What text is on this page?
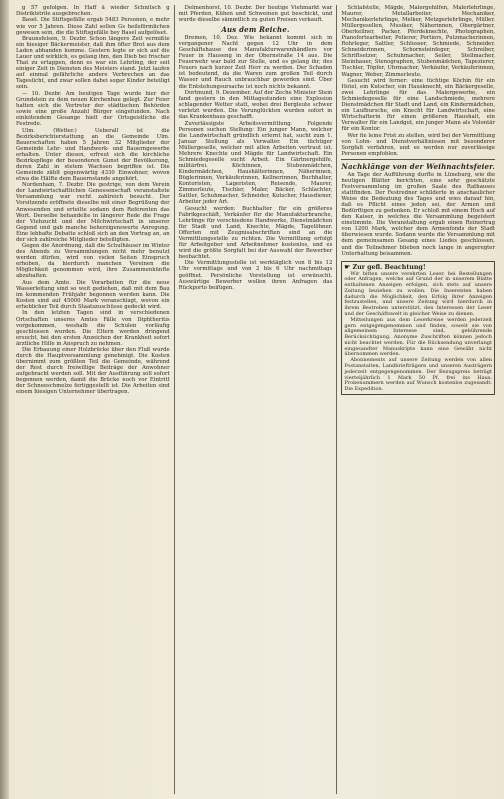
g 57 gefolgen. In Haff ä wieder Schnitsch g Distriktstrile ausgebrochen.

Basel. Die Stiftsgefälle ergab 5483 Personen, e mehr wie vor 5 Jahren. Diese Zahl sollen Gs heilsförmlichen gewesen sein, die die Stiftsgefälle bey Basel aufgelöset.

Braunsfelsen, 9. Dezbr. Schon längere Zeit vermißte ein hiesiger Bäckermeister, daß ihm öfter Brot aus dem Laden abhanden komme. Gestern legte er sich auf die Lauer und wirklich, es gelang ihm, den Dieb bei frischer That zu ertappen, denn es war ein Lehrling, der seit einiger Zeit in Diensten des Meisters stand. Jetzt laufen auf einmal gefährliche andere Verbrechen an das Tageslicht, und zwar sollen dabei sogar Kinder beteiligt sein.

— 10. Dezbr. Am heutigen Tage wurde hier der Grundstein zu dem neuen Kirchenbau gelegt. Zur Feier hatten sich die Vertreter der städtischen Behörden sowie eine große Anzahl Bürger eingefunden. Nach einleitendem Gesange hielt der Ortsgeistliche die Festrede.

Ulm. (Wetter.) Ueberall ist die Bezirksberichterstattung an die Gemeinde Ulm. Bauerschaften haben 5 Jahren 32 Mitglieder der Gemeinde Lehr- und Handwerk- und Bauerngewerbe erhalten. Unter diesen, erfreut sich die kirchliche Bezirkspflege der besonderen Gunst der Bevölkerung, deren Zahl in stetem Wachsen begriffen ist. Die Gemeinde zählt gegenwärtig 4330 Einwohner, wovon etwa die Hälfte dem Bauernstande angehört.

Nordenham, 7. Dezbr. Die gestrige, von dem Verein der Landwirtschaftlichen Genossenschaft veranstaltete Versammlung war recht zahlreich besucht. Der Vorsitzende eröffnete dieselbe mit einer Begrüßung der Anwesenden und erteilte sodann dem Referenten das Wort. Derselbe behandelte in längerer Rede die Frage der Viehzucht und der Milchwirtschaft in unserer Gegend und gab manche beherzigenswerte Anregung. Eine lebhafte Debatte schloß sich an den Vortrag an, an der sich zahlreiche Mitglieder beteiligten.

Gegen die Anordnung, daß die Schulhäuser im Winter des Abends zu Versammlungen nicht mehr benutzt werden dürfen, wird von vielen Seiten Einspruch erhoben, da hierdurch manchen Vereinen die Möglichkeit genommen wird, ihre Zusammenkünfte abzuhalten.

Aus dem Amte. Die Vorarbeiten für die neue Wasserleitung sind so weit gediehen, daß mit dem Bau im kommenden Frühjahr begonnen werden kann. Die Kosten sind auf 45000 Mark veranschlagt, wovon ein erheblicher Teil durch Staatszuschüsse gedeckt wird.

In den letzten Tagen sind in verschiedenen Ortschaften unseres Amtes Fälle von Diphtheritis vorgekommen, weshalb die Schulen vorläufig geschlossen wurden. Die Eltern werden dringend ersucht, bei den ersten Anzeichen der Krankheit sofort ärztliche Hilfe in Anspruch zu nehmen.

Die Erbauung einer Holzbrücke über den Fluß wurde durch die Hauptversammlung genehmigt. Die Kosten übernimmt zum größten Teil die Gemeinde, während der Rest durch freiwillige Beiträge der Anwohner aufgebracht werden soll. Mit der Ausführung soll sofort begonnen werden, damit die Brücke noch vor Eintritt der Schneeschmelze fertiggestellt ist. Die Arbeiten sind einem hiesigen Unternehmer übertragen.

Delmenhorst, 10. Dezbr. Der heutige Viehmarkt war mit Pferden, Kühen und Schweinen gut beschickt, und wurde dieselbe sämmtlich zu guten Preisen verkauft.

Aus dem Reiche.

Bremen, 10. Dez. Wie bekannt kommt sich in vergangener Nacht gegen 12 Uhr in dem Geschäftshause des Manufakturwarenhändlers vor Feuer in Hauseng in der Obernstraße 14 aus. Die Feuerwehr war bald zur Stelle, und es gelang ihr, des Feuers nach kurzer Zeit Herr zu werden. Der Schaden ist bedeutend, da die Waren zum großen Teil durch Wasser und Rauch unbrauchbar geworden sind. Über die Entstehungsursache ist noch nichts bekannt.

Dortmund, 9. Dezember. Auf der Zeche Minister Stein fand gestern in den Mittagsstunden eine Explosion schlagender Wetter statt, wobei drei Bergleute schwer verletzt wurden. Die Verunglückten wurden sofort in das Krankenhaus geschafft.

Zuverlässigste Arbeitsvermittlung. Folgende Personen suchen Stellung: Ein junger Mann, welcher die Landwirtschaft gründlich erlernt hat, sucht zum 1. Januar Stellung als Verwalter. Ein tüchtiger Müllergeselle, welcher mit allen Arbeiten vertraut ist. Mehrere Knechte und Mägde für Landwirtschaft. Ein Schmiedegeselle sucht Arbeit. Ein Gärtnergehilfe, militärfrei. Köchinnen, Stubenmädchen, Kindermädchen, Haushälterinnen, Näherinnen, Büglerinnen, Verkäuferinnen, Kellnerinnen, Buchhalter, Kontoristen, Lageristen, Reisende, Maurer, Zimmerleute, Tischler, Maler, Bäcker, Schlachter, Sattler, Schuhmacher, Schneider, Kutscher, Hausdiener, Arbeiter jeder Art.

Gesucht werden: Buchhalter für ein größeres Fabrikgeschäft, Verkäufer für die Manufakturbranche, Lehrlinge für verschiedene Handwerke, Dienstmädchen für Stadt und Land, Knechte, Mägde, Tagelöhner. Offerten mit Zeugnisabschriften sind an die Vermittlungsstelle zu richten. Die Vermittlung erfolgt für Arbeitgeber und Arbeitnehmer kostenlos, und es wird die größte Sorgfalt bei der Auswahl der Bewerber beobachtet.

Die Vermittlungsstelle ist werktäglich von 8 bis 12 Uhr vormittags und von 2 bis 6 Uhr nachmittags geöffnet. Persönliche Vorstellung ist erwünscht. Auswärtige Bewerber wollen ihren Anfragen das Rückporto beifügen.

Schlafstelle, Mägde, Malergehilfen, Malerlehrlinge, Maurer, Metallarbeiter, Mechaniker, Mechanikerlehrlinge, Melker, Metzgerlehrlinge, Müller, Müllergesellen, Musiker, Näherinnen, Obergärtner, Oberkellner, Packer, Pferdeknechte, Photographen, Pianofortearbeiter, Polierer, Portiers, Putzmacherinnen, Rohrleger, Sattler, Schlosser, Schmiede, Schneider, Schneiderinnen, Schornsteinfeger, Schreiber, Schriftsetzer, Schuhmacher, Seiler, Stellmacher, Steinhauer, Stenographen, Stubenmädchen, Tapezierer, Tischler, Töpfer, Uhrmacher, Verkäufer, Verkäuferinnen, Wagner, Weber, Zimmerleute.

Gesucht wird ferner: eine tüchtige Köchin für ein Hotel, ein Kutscher, ein Hausknecht, ein Bäckergeselle, zwei Lehrlinge für das Malergewerbe, ein Schmiedegeselle für eine Landschmiede, mehrere Dienstmädchen für Stadt und Land, ein Kindermädchen, ein Laufbursche, ein Knecht für Landwirtschaft, eine Wirtschafterin für einen größeren Haushalt, ein Verwalter für ein Landgut, ein junger Mann als Volontär für ein Kontor.

Wer fie leine Frist zu stellen, wird bei der Vermittlung von Lohn- und Dienstverhältnissen mit besonderer Sorgfalt verfahren, und es werden nur zuverlässige Personen empfohlen.

Nachklänge von der Weihnachtsfeier.

An Tage der Aufführung durfte in Lüneburg, wie die heutigen Blätter berichten, eine sehr geschätzte Festversammlung im großen Saale des Rathauses stattfinden. Der Festredner schilderte in anschaulicher Weise die Bedeutung des Tages und wies darauf hin, daß es Pflicht eines jeden sei, der Armen und Bedürftigen zu gedenken. Er schloß mit einem Hoch auf den Kaiser, in welches die Versammlung begeistert einstimmte. Die Veranstaltung ergab einen Reinertrag von 1200 Mark, welcher dem Armenfonds der Stadt überwiesen wurde. Sodann wurde die Versammlung mit dem gemeinsamen Gesang eines Liedes geschlossen, und die Teilnehmer blieben noch lange in angeregter Unterhaltung beisammen.

☛ Zur gefl. Beachtung!

Wir bitten unsere verehrten Leser, bei Bestellungen oder Anfragen, welche auf Grund der in unserem Blatte enthaltenen Anzeigen erfolgen, sich stets auf unsere Zeitung beziehen zu wollen. Die Inserenten haben dadurch die Möglichkeit, den Erfolg ihrer Anzeigen festzustellen, und unsere Zeitung wird hierdurch in ihrem Bestreben unterstützt, den Interessen der Leser und der Geschäftswelt in gleicher Weise zu dienen.

Mitteilungen aus dem Leserkreise werden jederzeit gern entgegengenommen und finden, soweit sie von allgemeinem Interesse sind, gebührende Berücksichtigung. Anonyme Zuschriften können jedoch nicht beachtet werden. Für die Rücksendung unverlangt eingesandter Manuskripte kann eine Gewähr nicht übernommen werden.

Abonnements auf unsere Zeitung werden von allen Postanstalten, Landbriefträgern und unseren Austrägern jederzeit entgegengenommen. Der Bezugspreis beträgt vierteljährlich 1 Mark 50 Pf. frei ins Haus. Probenummern werden auf Wunsch kostenlos zugesandt. Die Expedition.
